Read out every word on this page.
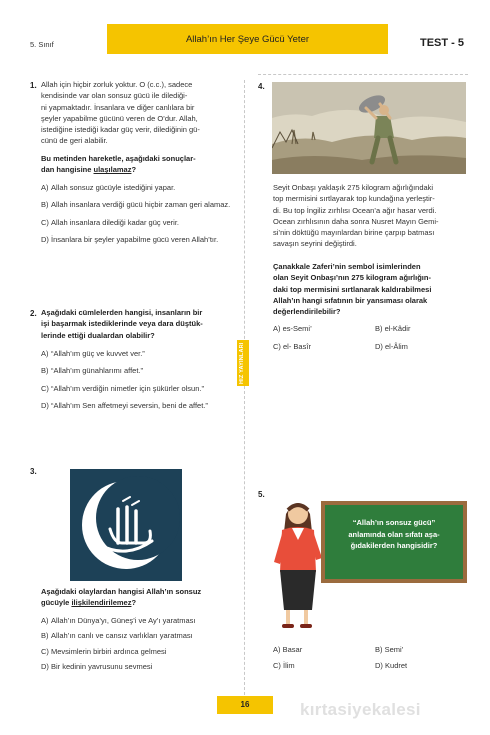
5. Sınıf	Allah’ın Her Şeye Gücü Yeter	TEST - 5
HIZ YAYINLARI
1. Allah için hiçbir zorluk yoktur. O (c.c.), sadece
kendisinde var olan sonsuz gücü ile dilediği-
ni yapmaktadır. İnsanlara ve diğer canlılara bir
şeyler yapabilme gücünü veren de O’dur. Allah,
istediğine istediği kadar güç verir, dilediğinin gü-
cünü de geri alabilir.
Bu metinden hareketle, aşağıdaki sonuçlar-
dan hangisine ulaşılamaz?
A) Allah sonsuz gücüyle istediğini yapar.
B) Allah insanlara verdiği gücü hiçbir zaman geri alamaz.
C) Allah insanlara dilediği kadar güç verir.
D) İnsanlara bir şeyler yapabilme gücü veren Allah’tır.
2. Aşağıdaki cümlelerden hangisi, insanların bir
işi başarmak istediklerinde veya dara düştük-
lerinde ettiği dualardan olabilir?
A) “Allah’ım güç ve kuvvet ver.”
B) “Allah’ım günahlarımı affet.”
C) “Allah’ım verdiğin nimetler için şükürler olsun.”
D) “Allah’ım Sen affetmeyi seversin, beni de affet.”
3.
Aşağıdaki olaylardan hangisi Allah’ın sonsuz
gücüyle ilişkilendirilemez?
A) Allah’ın Dünya’yı, Güneş’i ve Ay’ı yaratması
B) Allah’ın canlı ve cansız varlıkları yaratması
C) Mevsimlerin birbiri ardınca gelmesi
D) Bir kedinin yavrusunu sevmesi
4.
Seyit Onbaşı yaklaşık 275 kilogram ağırlığındaki
top mermisini sırtlayarak top kundağına yerleştir-
di. Bu top İngiliz zırhlısı Ocean’a ağır hasar verdi.
Ocean zırhlısının daha sonra Nusret Mayın Gemi-
si’nin döktüğü mayınlardan birine çarpıp batması
savaşın seyrini değiştirdi.
Çanakkale Zaferi’nin sembol isimlerinden
olan Seyit Onbaşı’nın 275 kilogram ağırlığın-
daki top mermisini sırtlanarak kaldırabilmesi
Allah’ın hangi sıfatının bir yansıması olarak
değerlendirilebilir?
A) es-Semi’	B) el-Kâdir
C) el- Basîr	D) el-Âlim
5.
“Allah’ın sonsuz gücü”
anlamında olan sıfatı aşa-
ğıdakilerden hangisidir?
A) Basar	B) Semi’
C) İlim	D) Kudret
16	kırtasiyekalesi
